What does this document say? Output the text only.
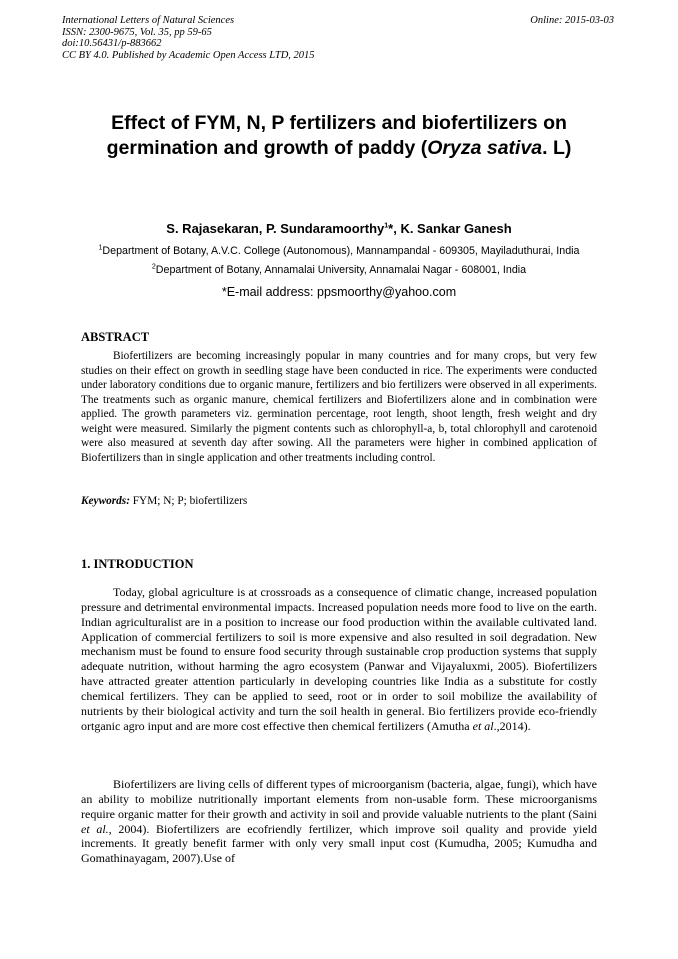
International Letters of Natural Sciences
ISSN: 2300-9675, Vol. 35, pp 59-65
doi:10.56431/p-883662
CC BY 4.0. Published by Academic Open Access LTD, 2015
Online: 2015-03-03
Effect of FYM, N, P fertilizers and biofertilizers on
germination and growth of paddy (Oryza sativa. L)
S. Rajasekaran, P. Sundaramoorthy$^1$*, K. Sankar Ganesh
$^1$Department of Botany, A.V.C. College (Autonomous), Mannampandal - 609305, Mayiladuthurai, India
$^2$Department of Botany, Annamalai University, Annamalai Nagar - 608001, India
*E-mail address: ppsmoorthy@yahoo.com
ABSTRACT
Biofertilizers are becoming increasingly popular in many countries and for many crops, but very few studies on their effect on growth in seedling stage have been conducted in rice. The experiments were conducted under laboratory conditions due to organic manure, fertilizers and bio fertilizers were observed in all experiments. The treatments such as organic manure, chemical fertilizers and Biofertilizers alone and in combination were applied. The growth parameters viz. germination percentage, root length, shoot length, fresh weight and dry weight were measured. Similarly the pigment contents such as chlorophyll-a, b, total chlorophyll and carotenoid were also measured at seventh day after sowing. All the parameters were higher in combined application of Biofertilizers than in single application and other treatments including control.
Keywords: FYM; N; P; biofertilizers
1. INTRODUCTION
Today, global agriculture is at crossroads as a consequence of climatic change, increased population pressure and detrimental environmental impacts. Increased population needs more food to live on the earth. Indian agriculturalist are in a position to increase our food production within the available cultivated land. Application of commercial fertilizers to soil is more expensive and also resulted in soil degradation. New mechanism must be found to ensure food security through sustainable crop production systems that supply adequate nutrition, without harming the agro ecosystem (Panwar and Vijayaluxmi, 2005). Biofertilizers have attracted greater attention particularly in developing countries like India as a substitute for costly chemical fertilizers. They can be applied to seed, root or in order to soil mobilize the availability of nutrients by their biological activity and turn the soil health in general. Bio fertilizers provide eco-friendly ortganic agro input and are more cost effective then chemical fertilizers (Amutha et al.,2014).
Biofertilizers are living cells of different types of microorganism (bacteria, algae, fungi), which have an ability to mobilize nutritionally important elements from non-usable form. These microorganisms require organic matter for their growth and activity in soil and provide valuable nutrients to the plant (Saini et al., 2004). Biofertilizers are ecofriendly fertilizer, which improve soil quality and provide yield increments. It greatly benefit farmer with only very small input cost (Kumudha, 2005; Kumudha and Gomathinayagam, 2007).Use of
